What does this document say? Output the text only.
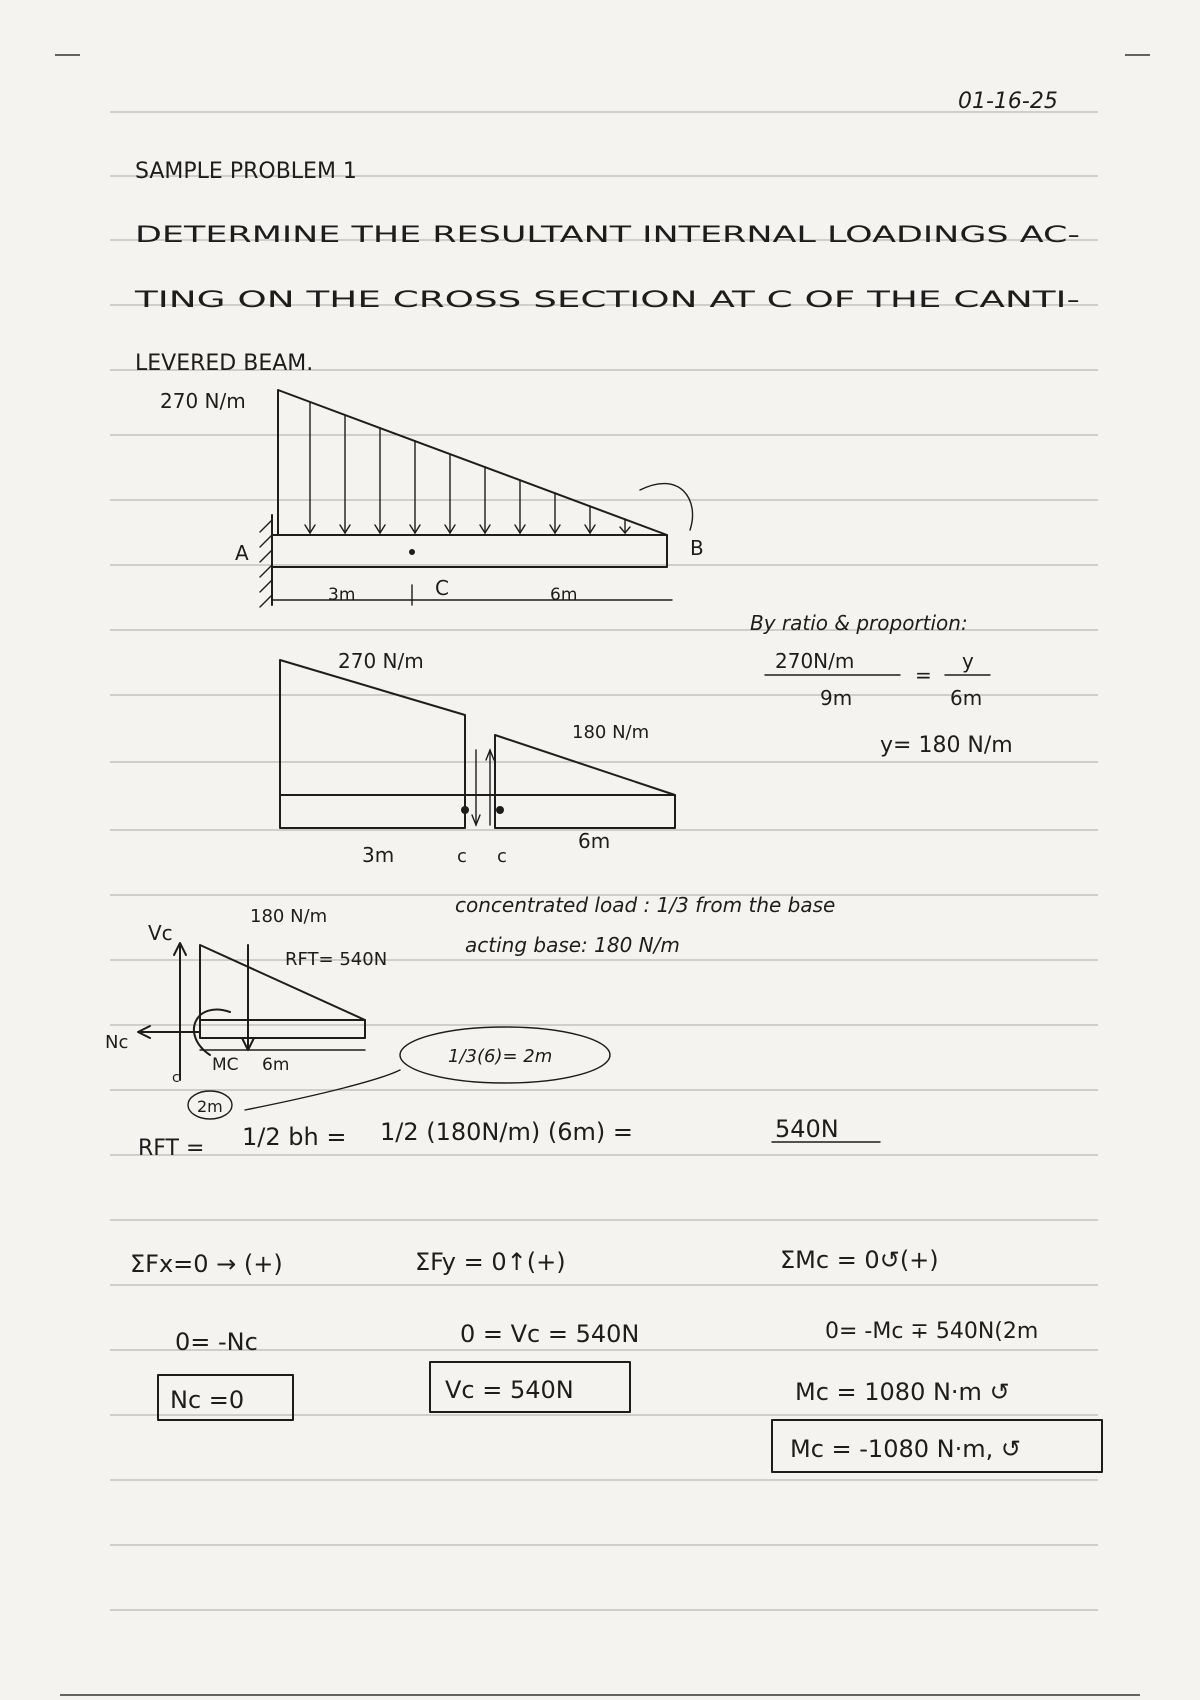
01-16-25
SAMPLE PROBLEM 1
DETERMINE THE RESULTANT INTERNAL LOADINGS AC-
TING ON THE CROSS SECTION AT C OF THE CANTI-
LEVERED BEAM.
270 N/m
A	B
C
3m	6m
By ratio & proportion:
270N/m
9m
=
y
6m
y= 180 N/m
270 N/m
180 N/m
3m	c c
6m
concentrated load : 1/3 from the base
acting base: 180 N/m
180 N/m
Vc
Nc
MC
c
6m
RFT= 540N
2m
1/3(6)= 2m
RFT = 1/2 bh = 1/2 (180N/m) (6m) =	540N
ΣFx=0 → (+)
0= -Nc
Nc =0
ΣFy = 0↑(+)
0 = Vc = 540N
Vc = 540N
ΣMc = 0↺(+)
0= -Mc ∓ 540N(2m
Mc = 1080 N·m ↺
Mc = -1080 N·m, ↺
